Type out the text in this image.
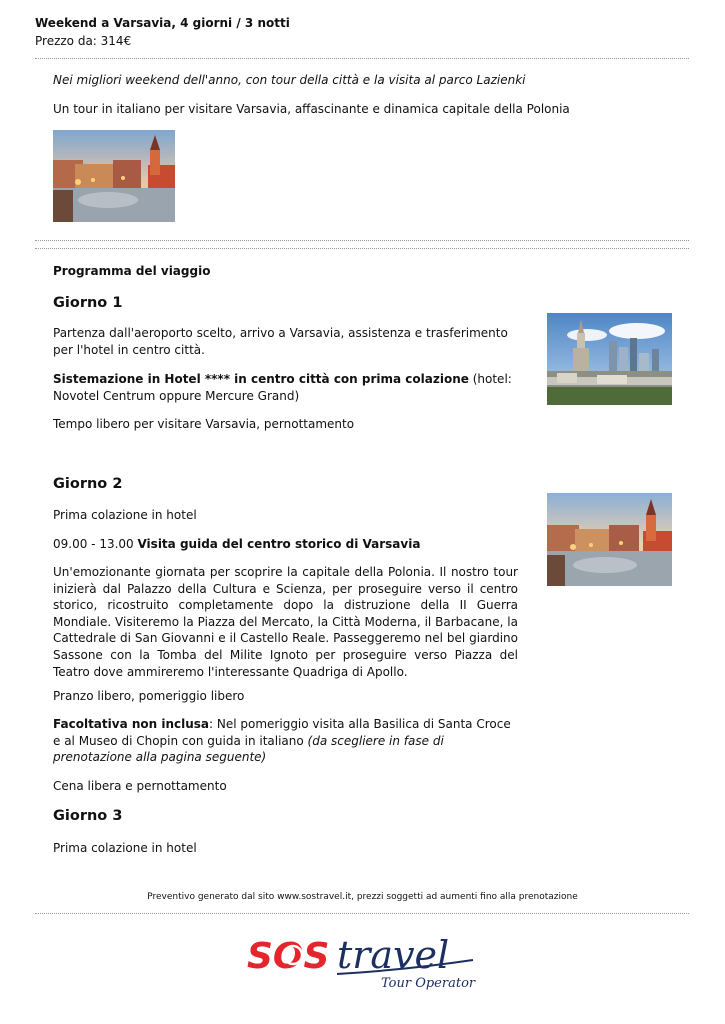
Weekend a Varsavia, 4 giorni / 3 notti
Prezzo da: 314€
Nei migliori weekend dell'anno, con tour della città e la visita al parco Lazienki
Un tour in italiano per visitare Varsavia, affascinante e dinamica capitale della Polonia
Programma del viaggio
Giorno 1
Partenza dall'aeroporto scelto, arrivo a Varsavia, assistenza e trasferimento per l'hotel in centro città.
Sistemazione in Hotel **** in centro città con prima colazione (hotel: Novotel Centrum oppure Mercure Grand)
Tempo libero per visitare Varsavia, pernottamento
Giorno 2
Prima colazione in hotel
09.00 - 13.00 Visita guida del centro storico di Varsavia
Un'emozionante giornata per scoprire la capitale della Polonia. Il nostro tour inizierà dal Palazzo della Cultura e Scienza, per proseguire verso il centro storico, ricostruito completamente dopo la distruzione della II Guerra Mondiale. Visiteremo la Piazza del Mercato, la Città Moderna, il Barbacane, la Cattedrale di San Giovanni e il Castello Reale. Passeggeremo nel bel giardino Sassone con la Tomba del Milite Ignoto per proseguire verso Piazza del Teatro dove ammireremo l'interessante Quadriga di Apollo.
Pranzo libero, pomeriggio libero
Facoltativa non inclusa: Nel pomeriggio visita alla Basilica di Santa Croce e al Museo di Chopin con guida in italiano (da scegliere in fase di prenotazione alla pagina seguente)
Cena libera e pernottamento
Giorno 3
Prima colazione in hotel
Preventivo generato dal sito www.sostravel.it, prezzi soggetti ad aumenti fino alla prenotazione
SOS travel
Tour Operator
